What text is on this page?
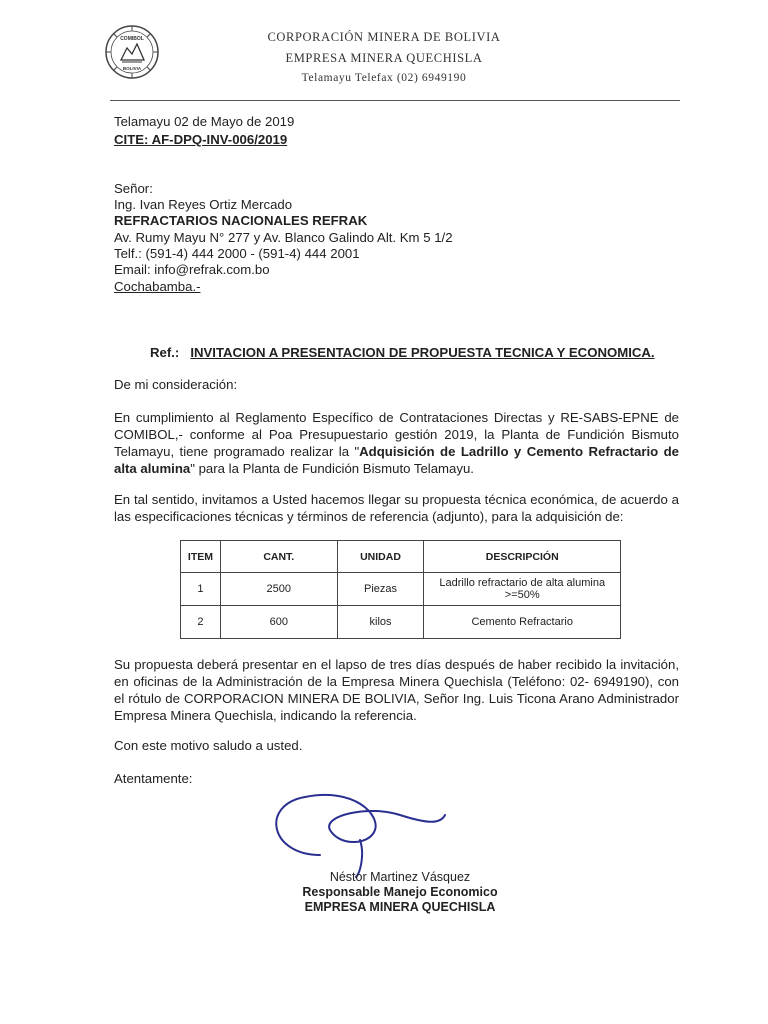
COMIBOL
BOLIVIA
CORPORACIÓN MINERA DE BOLIVIA
EMPRESA MINERA QUECHISLA
Telamayu Telefax (02) 6949190
Telamayu 02 de Mayo de 2019
CITE: AF-DPQ-INV-006/2019
Señor:
Ing. Ivan Reyes Ortiz Mercado
REFRACTARIOS NACIONALES REFRAK
Av. Rumy Mayu N° 277 y Av. Blanco Galindo Alt. Km 5 1/2
Telf.: (591-4) 444 2000 - (591-4) 444 2001
Email: info@refrak.com.bo
Cochabamba.-
Ref.: INVITACION A PRESENTACION DE PROPUESTA TECNICA Y ECONOMICA.
De mi consideración:
En cumplimiento al Reglamento Específico de Contrataciones Directas y RE-SABS-EPNE de COMIBOL,- conforme al Poa Presupuestario gestión 2019, la Planta de Fundición Bismuto Telamayu, tiene programado realizar la "Adquisición de Ladrillo y Cemento Refractario de alta alumina" para la Planta de Fundición Bismuto Telamayu.
En tal sentido, invitamos a Usted hacemos llegar su propuesta técnica económica, de acuerdo a las especificaciones técnicas y términos de referencia (adjunto), para la adquisición de:
ITEM	CANT.	UNIDAD	DESCRIPCIÓN
1	2500	Piezas	Ladrillo refractario de alta alumina >=50%
2	600	kilos	Cemento Refractario
Su propuesta deberá presentar en el lapso de tres días después de haber recibido la invitación, en oficinas de la Administración de la Empresa Minera Quechisla (Teléfono: 02- 6949190), con el rótulo de CORPORACION MINERA DE BOLIVIA, Señor Ing. Luis Ticona Arano Administrador Empresa Minera Quechisla, indicando la referencia.
Con este motivo saludo a usted.
Atentamente:
Néstor Martinez Vásquez
Responsable Manejo Economico
EMPRESA MINERA QUECHISLA
